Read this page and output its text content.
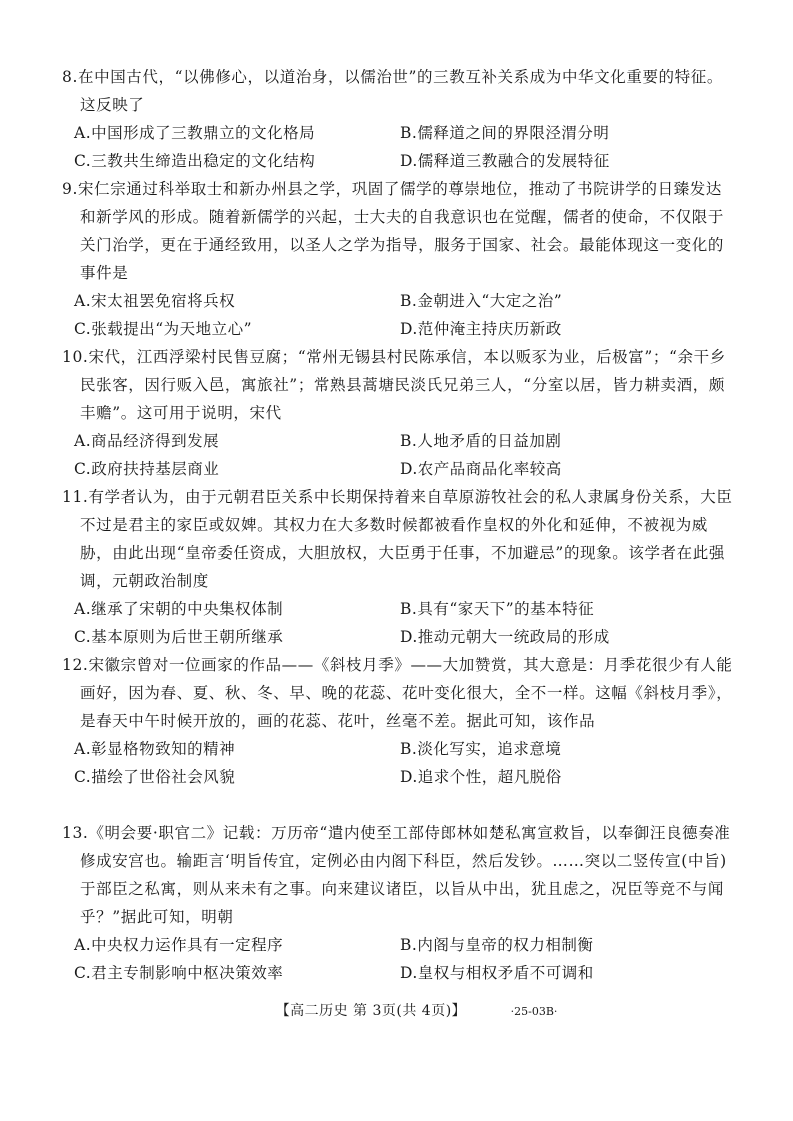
8.在中国古代，“以佛修心，以道治身，以儒治世”的三教互补关系成为中华文化重要的特征。这反映了

A.中国形成了三教鼎立的文化格局	B.儒释道之间的界限泾渭分明
C.三教共生缔造出稳定的文化结构	D.儒释道三教融合的发展特征

9.宋仁宗通过科举取士和新办州县之学，巩固了儒学的尊崇地位，推动了书院讲学的日臻发达和新学风的形成。随着新儒学的兴起，士大夫的自我意识也在觉醒，儒者的使命，不仅限于关门治学，更在于通经致用，以圣人之学为指导，服务于国家、社会。最能体现这一变化的事件是

A.宋太祖罢免宿将兵权	B.金朝进入“大定之治”
C.张载提出“为天地立心”	D.范仲淹主持庆历新政

10.宋代，江西浮梁村民售豆腐；“常州无锡县村民陈承信，本以贩豕为业，后极富”；“余干乡民张客，因行贩入邑，寓旅社”；常熟县蒿塘民淡氏兄弟三人，“分室以居，皆力耕卖酒，颇丰赡”。这可用于说明，宋代

A.商品经济得到发展	B.人地矛盾的日益加剧
C.政府扶持基层商业	D.农产品商品化率较高

11.有学者认为，由于元朝君臣关系中长期保持着来自草原游牧社会的私人隶属身份关系，大臣不过是君主的家臣或奴婢。其权力在大多数时候都被看作皇权的外化和延伸，不被视为威胁，由此出现“皇帝委任资成，大胆放权，大臣勇于任事，不加避忌”的现象。该学者在此强调，元朝政治制度

A.继承了宋朝的中央集权体制	B.具有“家天下”的基本特征
C.基本原则为后世王朝所继承	D.推动元朝大一统政局的形成

12.宋徽宗曾对一位画家的作品——《斜枝月季》——大加赞赏，其大意是：月季花很少有人能画好，因为春、夏、秋、冬、早、晚的花蕊、花叶变化很大，全不一样。这幅《斜枝月季》，是春天中午时候开放的，画的花蕊、花叶，丝毫不差。据此可知，该作品

A.彰显格物致知的精神	B.淡化写实，追求意境
C.描绘了世俗社会风貌	D.追求个性，超凡脱俗

13.《明会要·职官二》记载：万历帝“遣内使至工部侍郎林如楚私寓宣救旨，以奉御汪良德奏准修成安宫也。输距言‘明旨传宜，定例必由内阁下科臣，然后发钞。……突以二竖传宣(中旨)于部臣之私寓，则从来未有之事。向来建议诸臣，以旨从中出，犹且虑之，况臣等竞不与闻乎？”据此可知，明朝

A.中央权力运作具有一定程序	B.内阁与皇帝的权力相制衡
C.君主专制影响中枢决策效率	D.皇权与相权矛盾不可调和
【高二历史 第 3页(共 4页)】	·25-03B·
